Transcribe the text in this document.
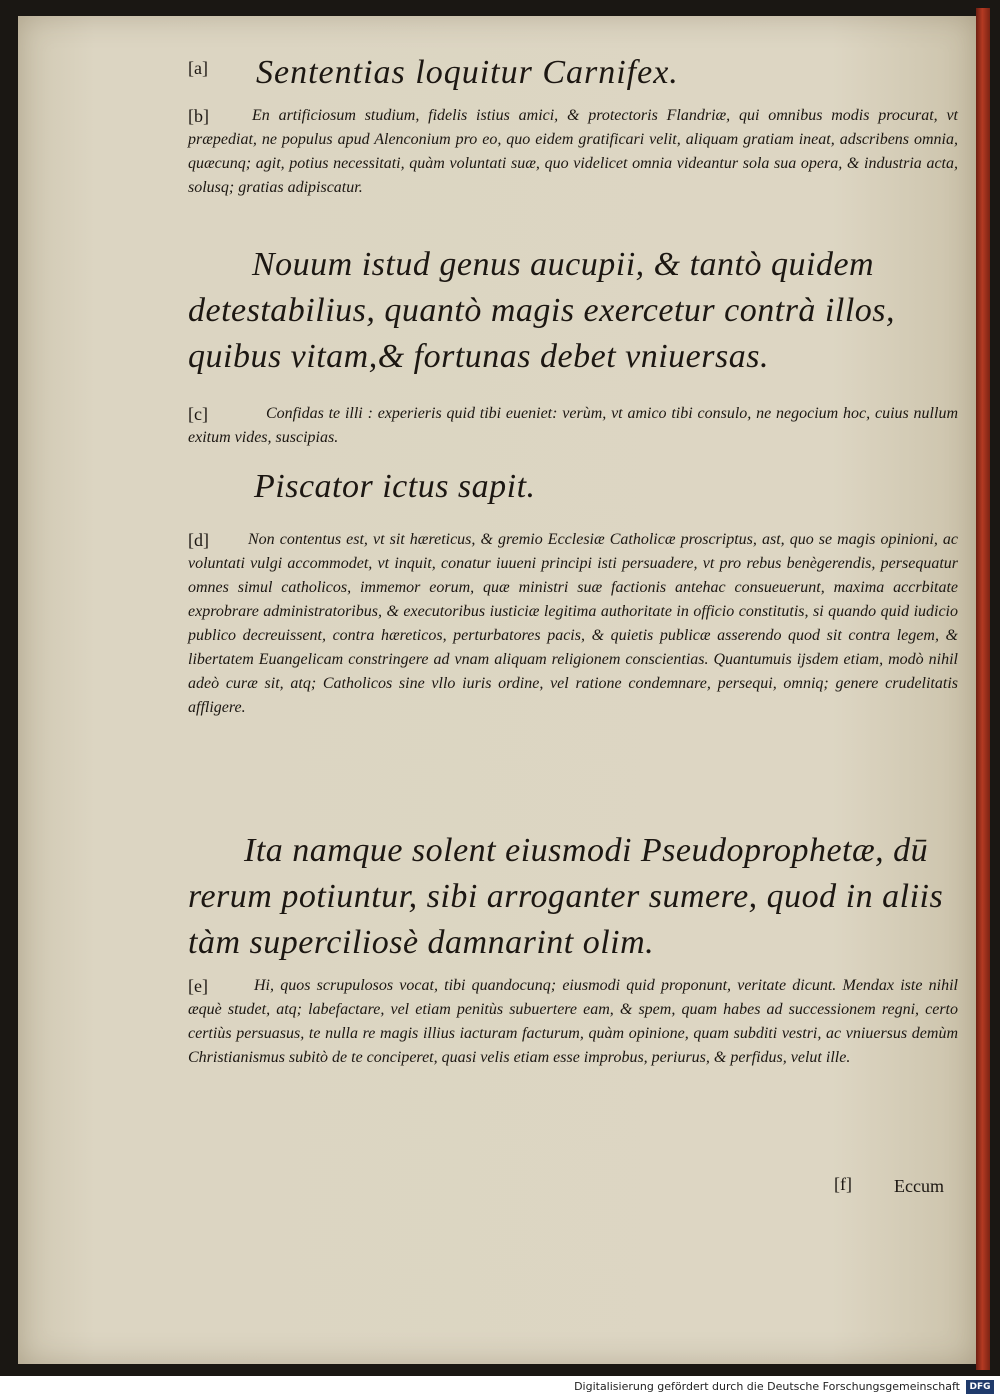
[a] Sententias loquitur Carnifex.
[b]	En artificiosum studium, fidelis istius amici, & protectoris Flandriæ, qui omnibus modis procurat, vt præpediat, ne populus apud Alenconium pro eo, quo eidem gratificari velit, aliquam gratiam ineat, adscribens omnia, quæcunq; agit, potius necessitati, quàm voluntati suæ, quo videlicet omnia videantur sola sua opera, & industria acta, solusq; gratias adipiscatur.
Nouum istud genus aucupii, & tantò quidem detestabilius, quantò magis exercetur contrà illos, quibus vitam,& fortunas debet vniuersas.
[c]	Confidas te illi : experieris quid tibi eueniet: verùm, vt amico tibi consulo, ne negocium hoc, cuius nullum exitum vides, suscipias.
Piscator ictus sapit.
[d]	Non contentus est, vt sit hæreticus, & gremio Ecclesiæ Catholicæ proscriptus, ast, quo se magis opinioni, ac voluntati vulgi accommodet, vt inquit, conatur iuueni principi isti persuadere, vt pro rebus benègerendis, persequatur omnes simul catholicos, immemor eorum, quæ ministri suæ factionis antehac consueuerunt, maxima accrbitate exprobrare administratoribus, & executoribus iusticiæ legitima authoritate in officio constitutis, si quando quid iudicio publico decreuissent, contra hæreticos, perturbatores pacis, & quietis publicæ asserendo quod sit contra legem, & libertatem Euangelicam constringere ad vnam aliquam religionem conscientias. Quantumuis ijsdem etiam, modò nihil adeò curæ sit, atq; Catholicos sine vllo iuris ordine, vel ratione condemnare, persequi, omniq; genere crudelitatis affligere.
Ita namque solent eiusmodi Pseudoprophetæ, dū rerum potiuntur, sibi arroganter sumere, quod in aliis tàm superciliosè damnarint olim.
[e]	Hi, quos scrupulosos vocat, tibi quandocunq; eiusmodi quid proponunt, veritate dicunt. Mendax iste nihil æquè studet, atq; labefactare, vel etiam penitùs subuertere eam, & spem, quam habes ad successionem regni, certo certiùs persuasus, te nulla re magis illius iacturam facturum, quàm opinione, quam subditi vestri, ac vniuersus demùm Christianismus subitò de te conciperet, quasi velis etiam esse improbus, periurus, & perfidus, velut ille.
[f] Eccum
Digitalisierung gefördert durch die Deutsche Forschungsgemeinschaft	DFG
